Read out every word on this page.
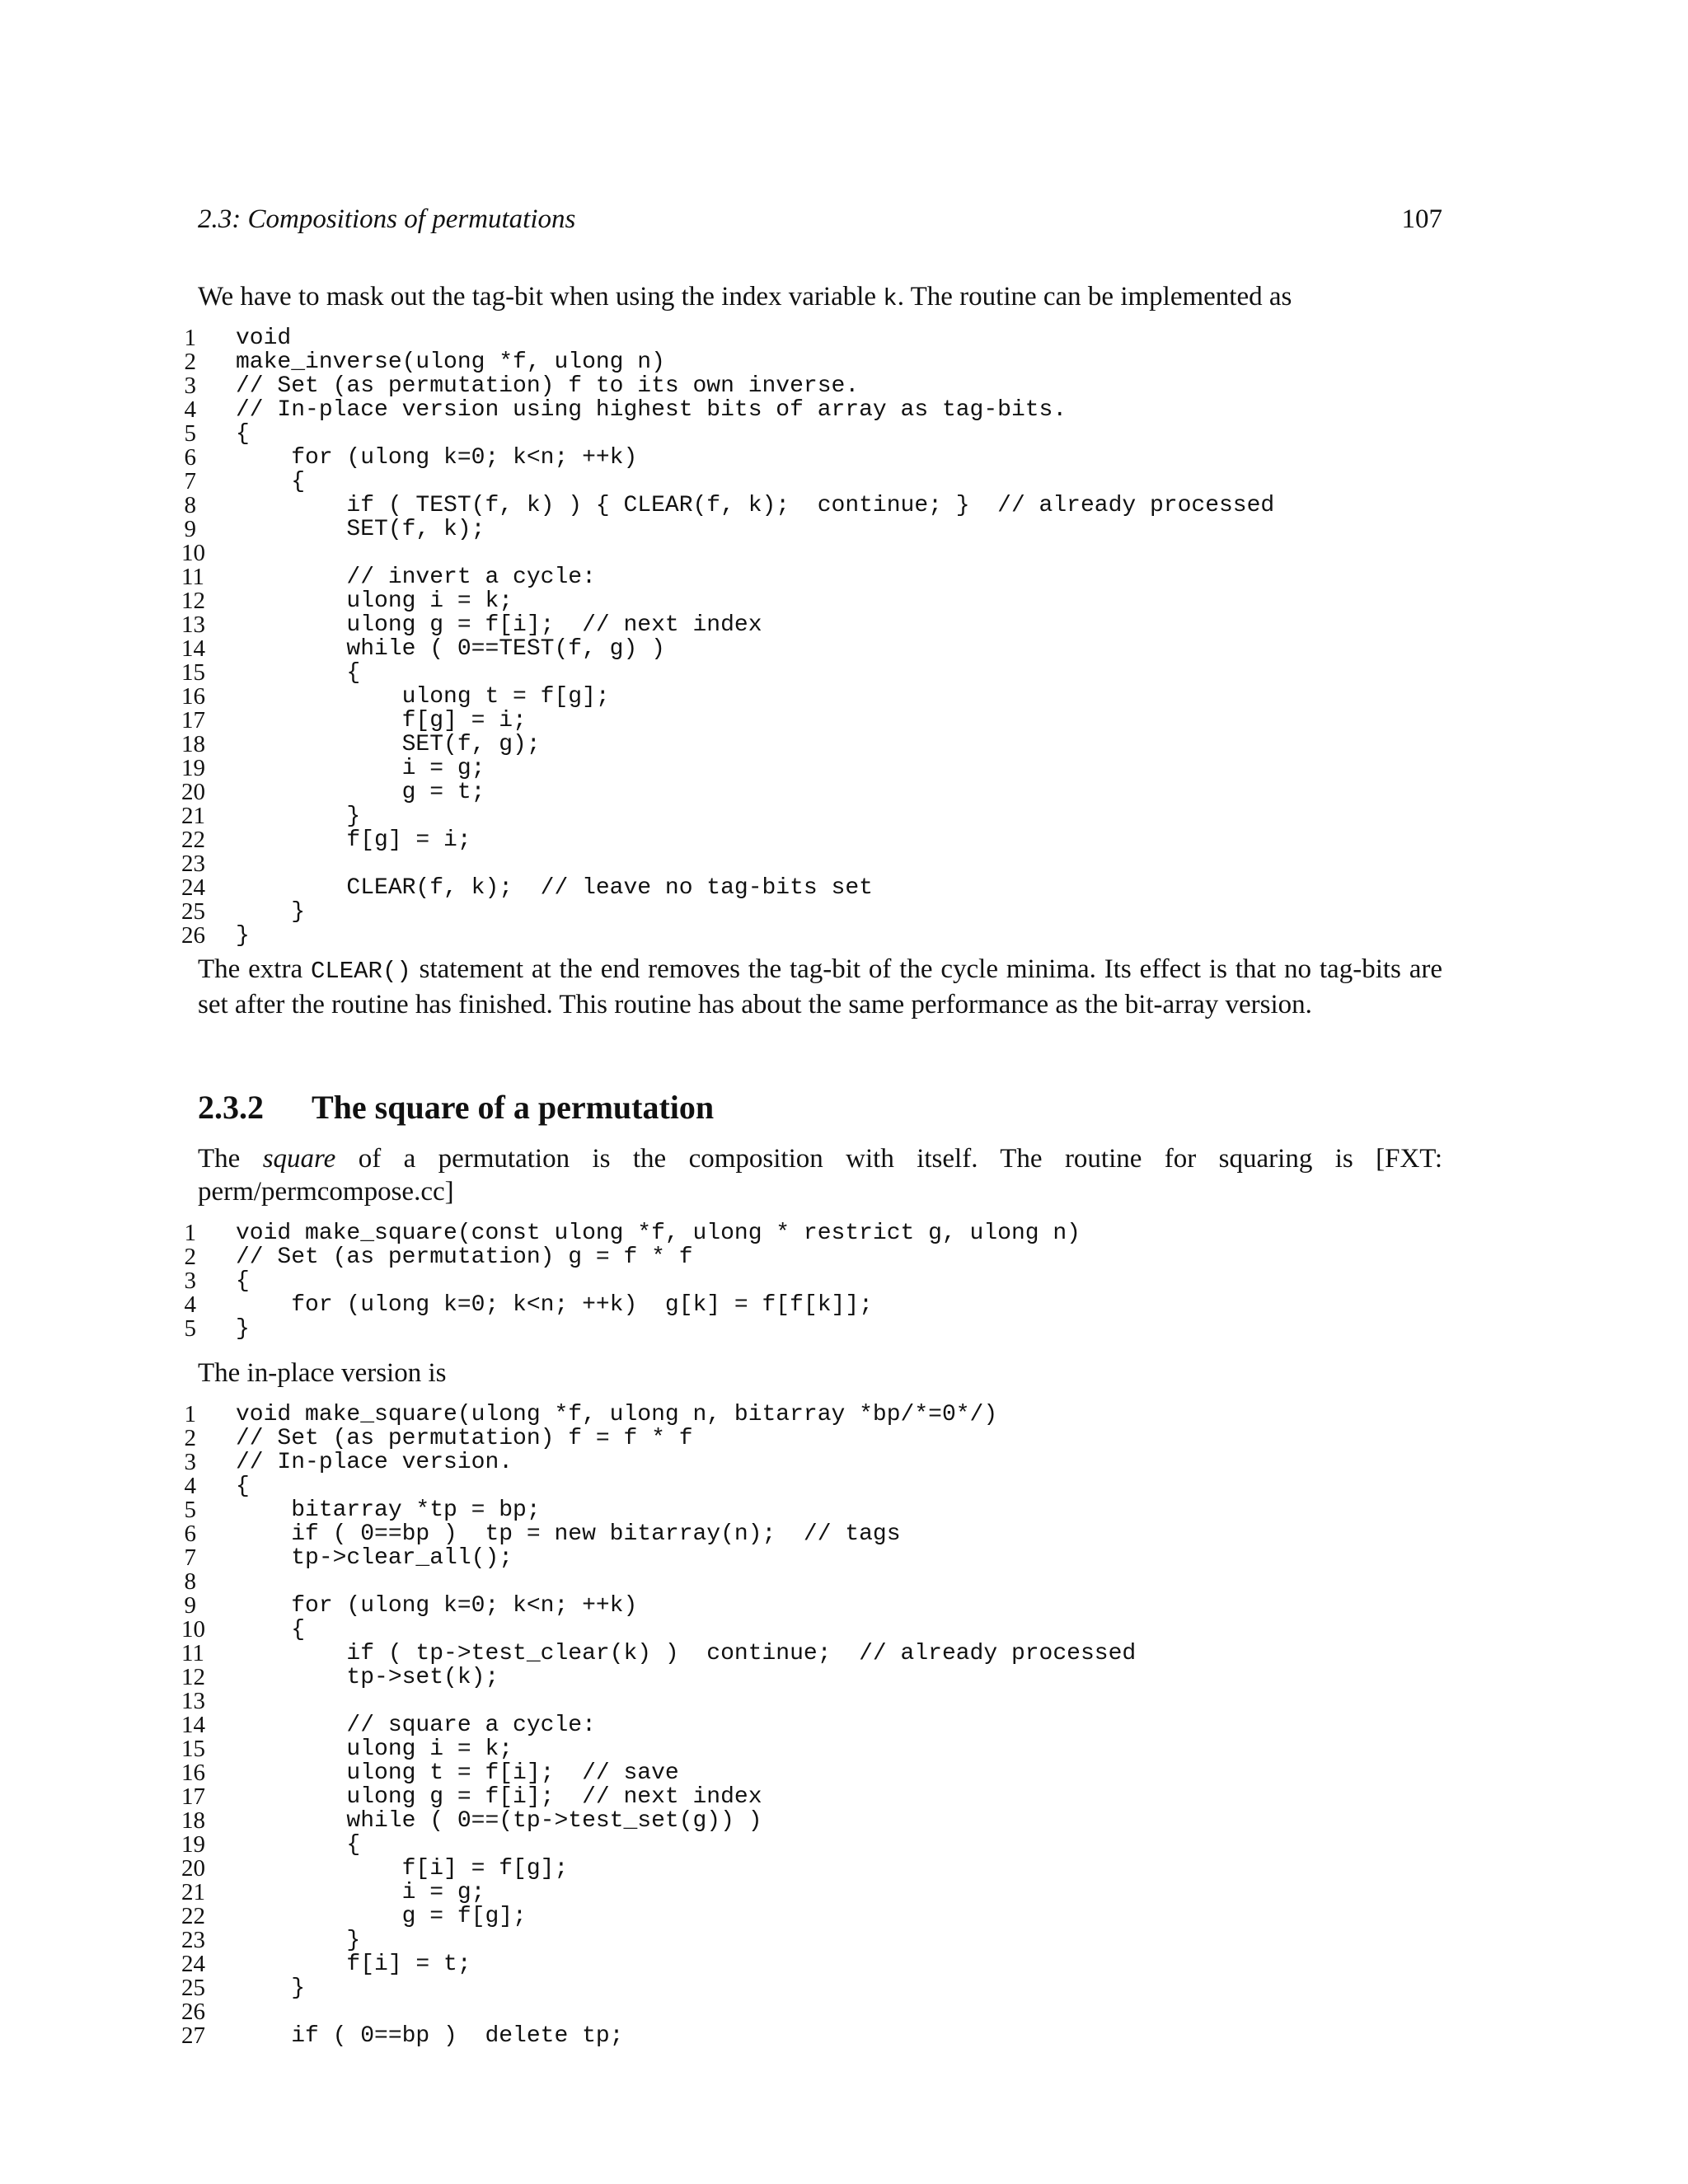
2.3: Compositions of permutations	107

We have to mask out the tag-bit when using the index variable k. The routine can be implemented as

1 void
2 make_inverse(ulong *f, ulong n)
3 // Set (as permutation) f to its own inverse.
4 // In-place version using highest bits of array as tag-bits.
5 {
6 for (ulong k=0; k<n; ++k)
7 {
8 if ( TEST(f, k) ) { CLEAR(f, k);  continue; }  // already processed
9 SET(f, k);
10
11 // invert a cycle:
12 ulong i = k;
13 ulong g = f[i];  // next index
14 while ( 0==TEST(f, g) )
15 {
16 ulong t = f[g];
17 f[g] = i;
18 SET(f, g);
19 i = g;
20 g = t;
21 }
22 f[g] = i;
23
24 CLEAR(f, k);  // leave no tag-bits set
25 }
26 }

The extra CLEAR() statement at the end removes the tag-bit of the cycle minima. Its effect is that no tag-bits are set after the routine has finished. This routine has about the same performance as the bit-array version.

2.3.2 The square of a permutation

The square of a permutation is the composition with itself. The routine for squaring is [FXT: perm/permcompose.cc]

1 void make_square(const ulong *f, ulong * restrict g, ulong n)
2 // Set (as permutation) g = f * f
3 {
4 for (ulong k=0; k<n; ++k)  g[k] = f[f[k]];
5 }

The in-place version is

1 void make_square(ulong *f, ulong n, bitarray *bp/*=0*/)
2 // Set (as permutation) f = f * f
3 // In-place version.
4 {
5 bitarray *tp = bp;
6 if ( 0==bp )  tp = new bitarray(n);  // tags
7 tp->clear_all();
8
9 for (ulong k=0; k<n; ++k)
10 {
11 if ( tp->test_clear(k) )  continue;  // already processed
12 tp->set(k);
13
14 // square a cycle:
15 ulong i = k;
16 ulong t = f[i];  // save
17 ulong g = f[i];  // next index
18 while ( 0==(tp->test_set(g)) )
19 {
20 f[i] = f[g];
21 i = g;
22 g = f[g];
23 }
24 f[i] = t;
25 }
26
27 if ( 0==bp )  delete tp;
